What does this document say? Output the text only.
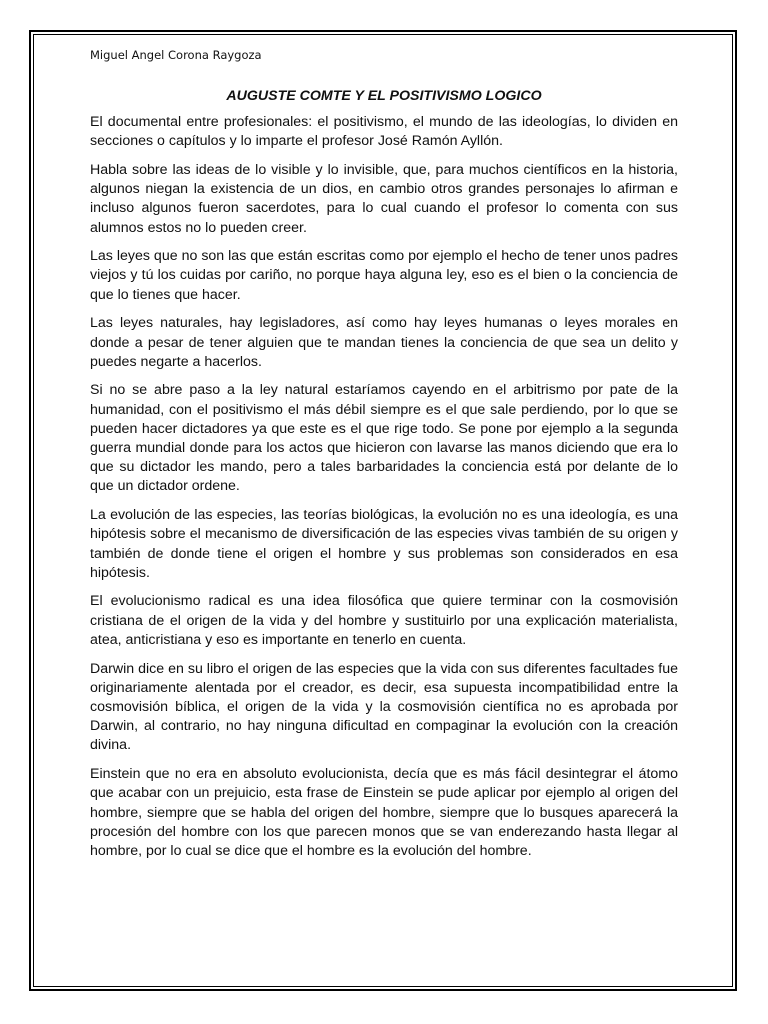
Miguel Angel Corona Raygoza

AUGUSTE COMTE Y EL POSITIVISMO LOGICO

El documental entre profesionales: el positivismo, el mundo de las ideologías, lo dividen en secciones o capítulos y lo imparte el profesor José Ramón Ayllón.

Habla sobre las ideas de lo visible y lo invisible, que, para muchos científicos en la historia, algunos niegan la existencia de un dios, en cambio otros grandes personajes lo afirman e incluso algunos fueron sacerdotes, para lo cual cuando el profesor lo comenta con sus alumnos estos no lo pueden creer.

Las leyes que no son las que están escritas como por ejemplo el hecho de tener unos padres viejos y tú los cuidas por cariño, no porque haya alguna ley, eso es el bien o la conciencia de que lo tienes que hacer.

Las leyes naturales, hay legisladores, así como hay leyes humanas o leyes morales en donde a pesar de tener alguien que te mandan tienes la conciencia de que sea un delito y puedes negarte a hacerlos.

Si no se abre paso a la ley natural estaríamos cayendo en el arbitrismo por pate de la humanidad, con el positivismo el más débil siempre es el que sale perdiendo, por lo que se pueden hacer dictadores ya que este es el que rige todo. Se pone por ejemplo a la segunda guerra mundial donde para los actos que hicieron con lavarse las manos diciendo que era lo que su dictador les mando, pero a tales barbaridades la conciencia está por delante de lo que un dictador ordene.

La evolución de las especies, las teorías biológicas, la evolución no es una ideología, es una hipótesis sobre el mecanismo de diversificación de las especies vivas también de su origen y también de donde tiene el origen el hombre y sus problemas son considerados en esa hipótesis.

El evolucionismo radical es una idea filosófica que quiere terminar con la cosmovisión cristiana de el origen de la vida y del hombre y sustituirlo por una explicación materialista, atea, anticristiana y eso es importante en tenerlo en cuenta.

Darwin dice en su libro el origen de las especies que la vida con sus diferentes facultades fue originariamente alentada por el creador, es decir, esa supuesta incompatibilidad entre la cosmovisión bíblica, el origen de la vida y la cosmovisión científica no es aprobada por Darwin, al contrario, no hay ninguna dificultad en compaginar la evolución con la creación divina.

Einstein que no era en absoluto evolucionista, decía que es más fácil desintegrar el átomo que acabar con un prejuicio, esta frase de Einstein se pude aplicar por ejemplo al origen del hombre, siempre que se habla del origen del hombre, siempre que lo busques aparecerá la procesión del hombre con los que parecen monos que se van enderezando hasta llegar al hombre, por lo cual se dice que el hombre es la evolución del hombre.
